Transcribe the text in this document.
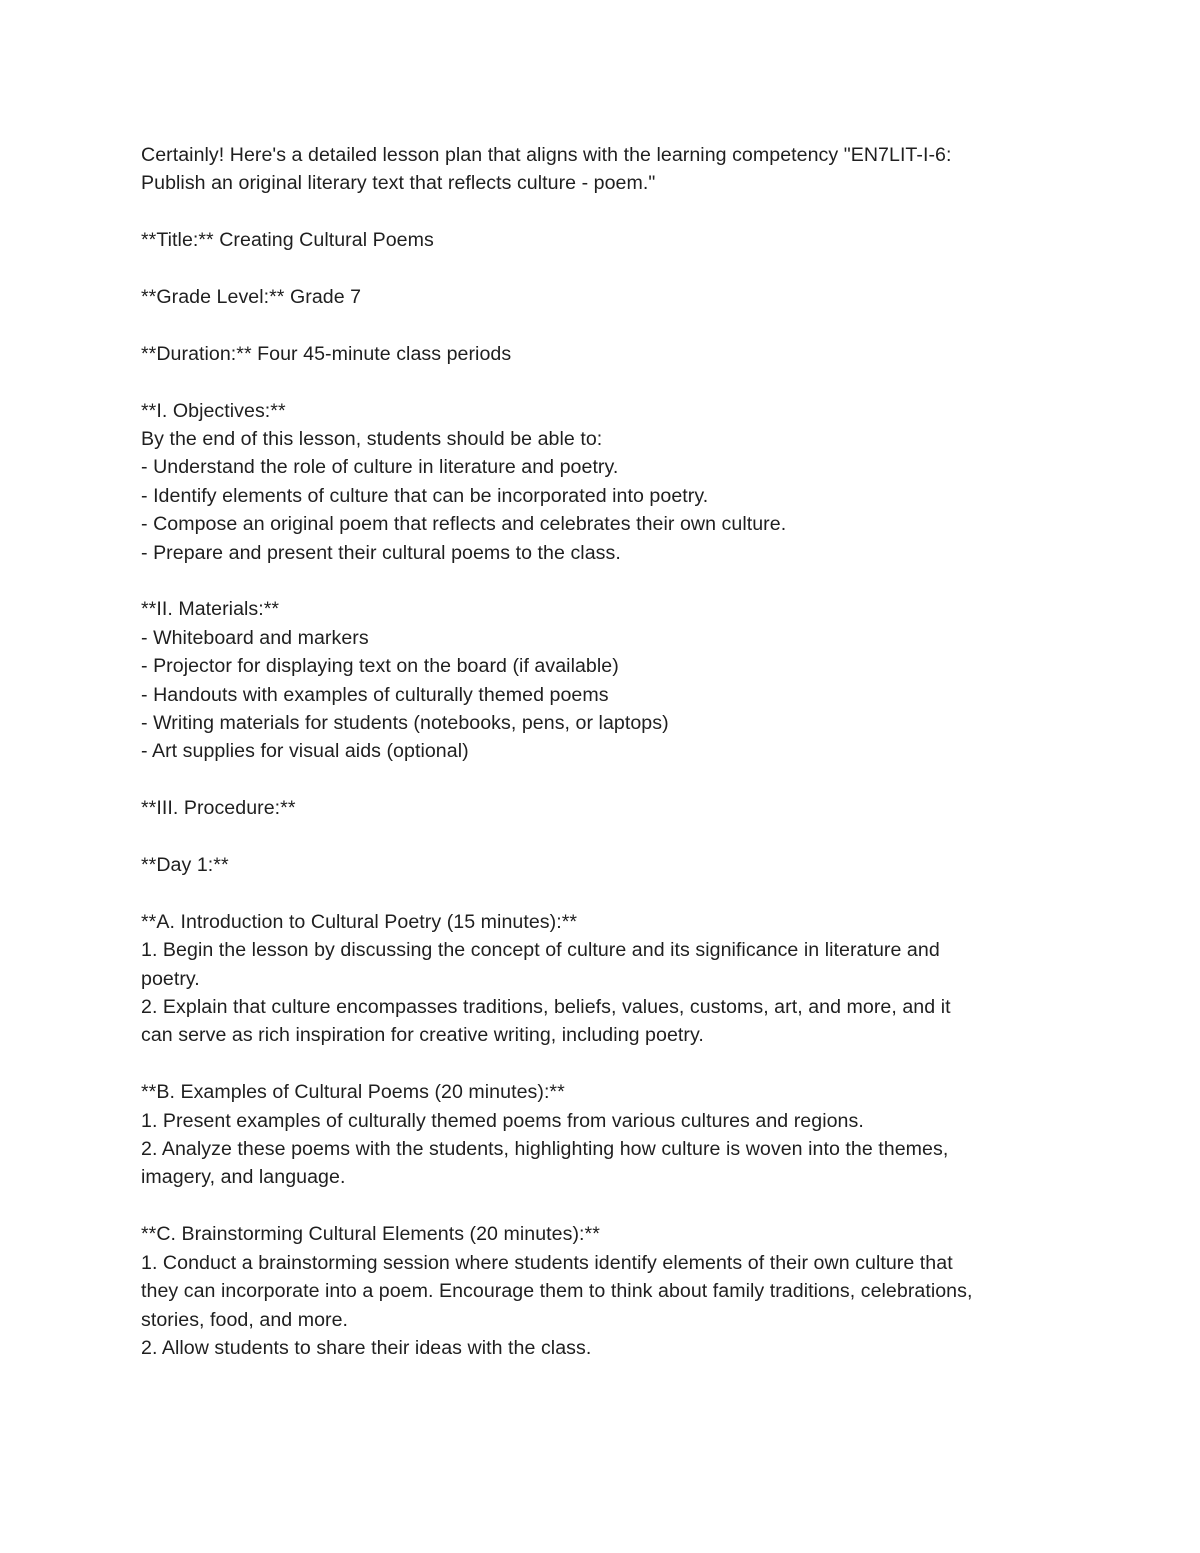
Certainly! Here's a detailed lesson plan that aligns with the learning competency "EN7LIT-I-6:
Publish an original literary text that reflects culture - poem."
**Title:** Creating Cultural Poems
**Grade Level:** Grade 7
**Duration:** Four 45-minute class periods
**I. Objectives:**
By the end of this lesson, students should be able to:
- Understand the role of culture in literature and poetry.
- Identify elements of culture that can be incorporated into poetry.
- Compose an original poem that reflects and celebrates their own culture.
- Prepare and present their cultural poems to the class.
**II. Materials:**
- Whiteboard and markers
- Projector for displaying text on the board (if available)
- Handouts with examples of culturally themed poems
- Writing materials for students (notebooks, pens, or laptops)
- Art supplies for visual aids (optional)
**III. Procedure:**
**Day 1:**
**A. Introduction to Cultural Poetry (15 minutes):**
1. Begin the lesson by discussing the concept of culture and its significance in literature and
poetry.
2. Explain that culture encompasses traditions, beliefs, values, customs, art, and more, and it
can serve as rich inspiration for creative writing, including poetry.
**B. Examples of Cultural Poems (20 minutes):**
1. Present examples of culturally themed poems from various cultures and regions.
2. Analyze these poems with the students, highlighting how culture is woven into the themes,
imagery, and language.
**C. Brainstorming Cultural Elements (20 minutes):**
1. Conduct a brainstorming session where students identify elements of their own culture that
they can incorporate into a poem. Encourage them to think about family traditions, celebrations,
stories, food, and more.
2. Allow students to share their ideas with the class.
